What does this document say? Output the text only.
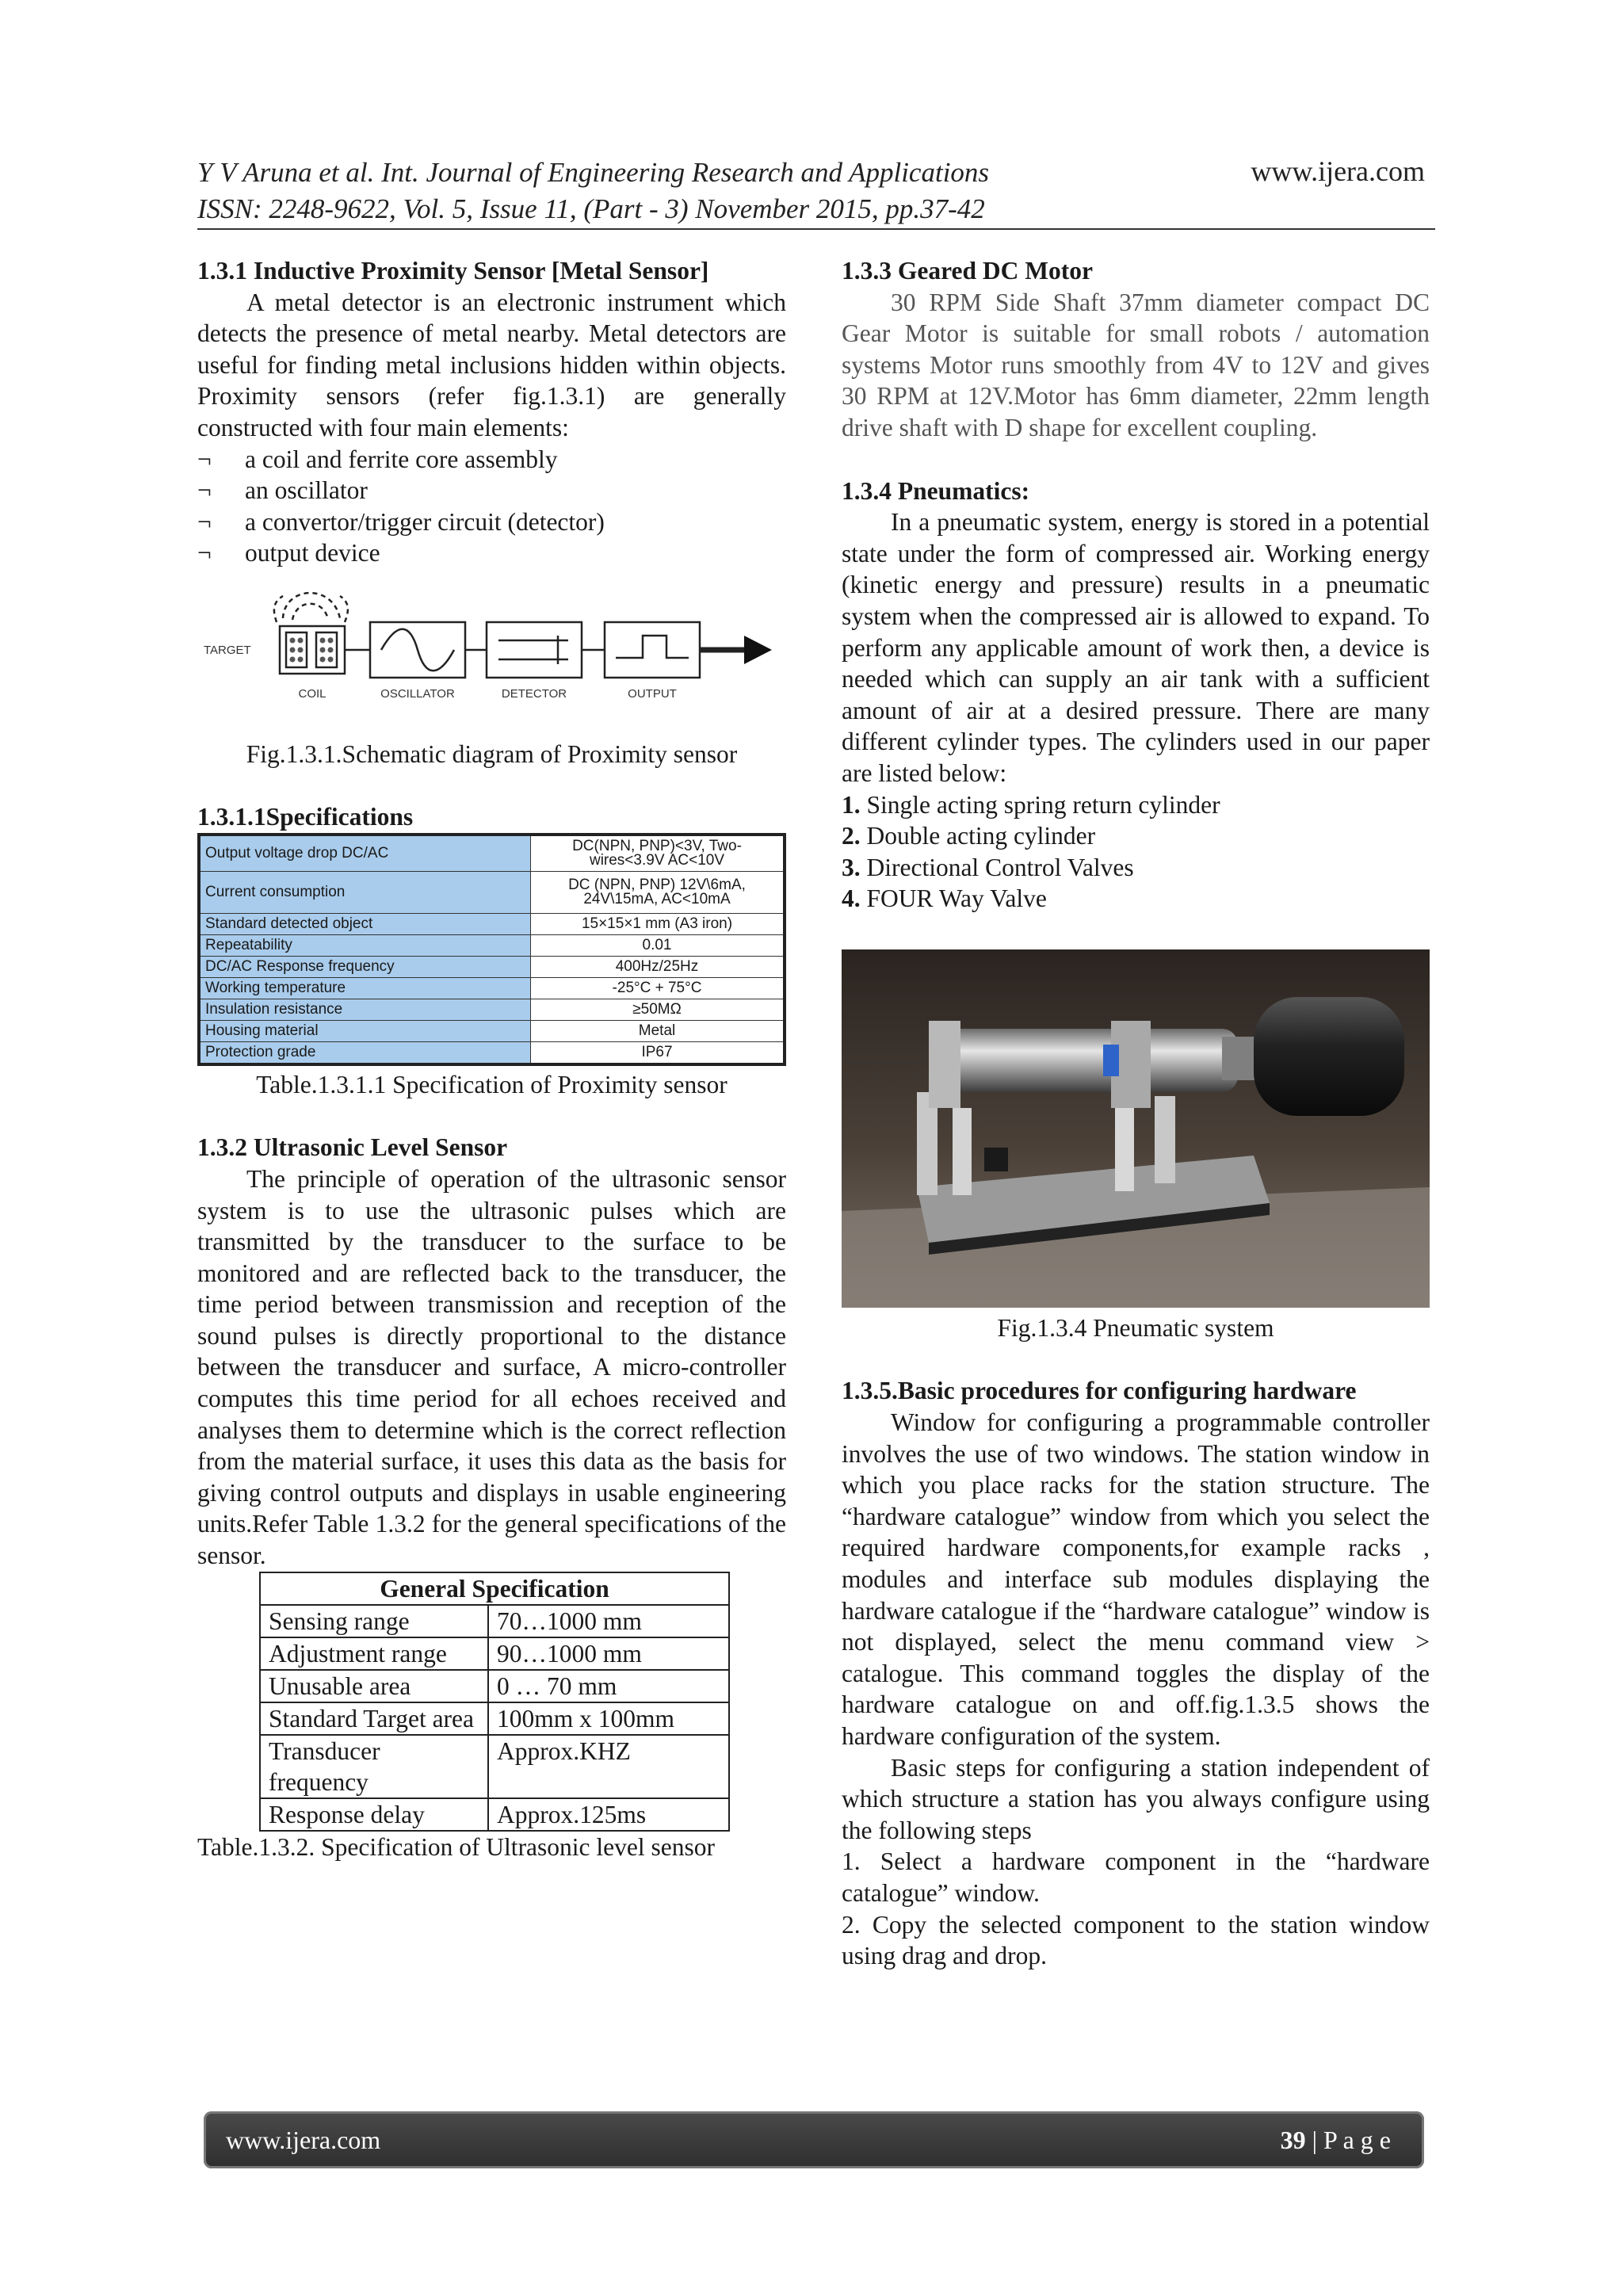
Y V Aruna et al. Int. Journal of Engineering Research and Applications
ISSN: 2248-9622, Vol. 5, Issue 11, (Part - 3) November 2015, pp.37-42
www.ijera.com

1.3.1 Inductive Proximity Sensor [Metal Sensor]

A metal detector is an electronic instrument which detects the presence of metal nearby. Metal detectors are useful for finding metal inclusions hidden within objects. Proximity sensors (refer fig.1.3.1) are generally constructed with four main elements:

¬	a coil and ferrite core assembly
¬	an oscillator
¬	a convertor/trigger circuit (detector)
¬	output device
TARGET
COIL	OSCILLATOR	DETECTOR	OUTPUT

Fig.1.3.1.Schematic diagram of Proximity sensor

1.3.1.1Specifications

Output voltage drop DC/AC	DC(NPN, PNP)<3V, Two-wires<3.9V AC<10V
Current consumption	DC (NPN, PNP) 12V\6mA, 24V\15mA, AC<10mA
Standard detected object	15×15×1 mm (A3 iron)
Repeatability	0.01
DC/AC Response frequency	400Hz/25Hz
Working temperature	-25°C + 75°C
Insulation resistance	≥50MΩ
Housing material	Metal
Protection grade	IP67

Table.1.3.1.1 Specification of Proximity sensor

1.3.2 Ultrasonic Level Sensor

The principle of operation of the ultrasonic sensor system is to use the ultrasonic pulses which are transmitted by the transducer to the surface to be monitored and are reflected back to the transducer, the time period between transmission and reception of the sound pulses is directly proportional to the distance between the transducer and surface, A micro-controller computes this time period for all echoes received and analyses them to determine which is the correct reflection from the material surface, it uses this data as the basis for giving control outputs and displays in usable engineering units.Refer Table 1.3.2 for the general specifications of the sensor.

General Specification	
Sensing range	70…1000 mm
Adjustment range	90…1000 mm
Unusable area	0 … 70 mm
Standard Target area	100mm x 100mm
Transducer frequency	Approx.KHZ
Response delay	Approx.125ms

Table.1.3.2. Specification of Ultrasonic level sensor

1.3.3 Geared DC Motor

30 RPM Side Shaft 37mm diameter compact DC Gear Motor is suitable for small robots / automation systems Motor runs smoothly from 4V to 12V and gives 30 RPM at 12V.Motor has 6mm diameter, 22mm length drive shaft with D shape for excellent coupling.

1.3.4 Pneumatics:

In a pneumatic system, energy is stored in a potential state under the form of compressed air. Working energy (kinetic energy and pressure) results in a pneumatic system when the compressed air is allowed to expand. To perform any applicable amount of work then, a device is needed which can supply an air tank with a sufficient amount of air at a desired pressure. There are many different cylinder types. The cylinders used in our paper are listed below:

1. Single acting spring return cylinder
2. Double acting cylinder
3. Directional Control Valves
4. FOUR Way Valve

Fig.1.3.4 Pneumatic system

1.3.5.Basic procedures for configuring hardware

Window for configuring a programmable controller involves the use of two windows. The station window in which you place racks for the station structure. The “hardware catalogue” window from which you select the required hardware components,for example racks , modules and interface sub modules displaying the hardware catalogue if the “hardware catalogue” window is not displayed, select the menu command view > catalogue. This command toggles the display of the hardware catalogue on and off.fig.1.3.5 shows the hardware configuration of the system.

Basic steps for configuring a station independent of which structure a station has you always configure using the following steps

1. Select a hardware component in the “hardware catalogue” window.

2. Copy the selected component to the station window using drag and drop.

www.ijera.com	39 | P a g e
